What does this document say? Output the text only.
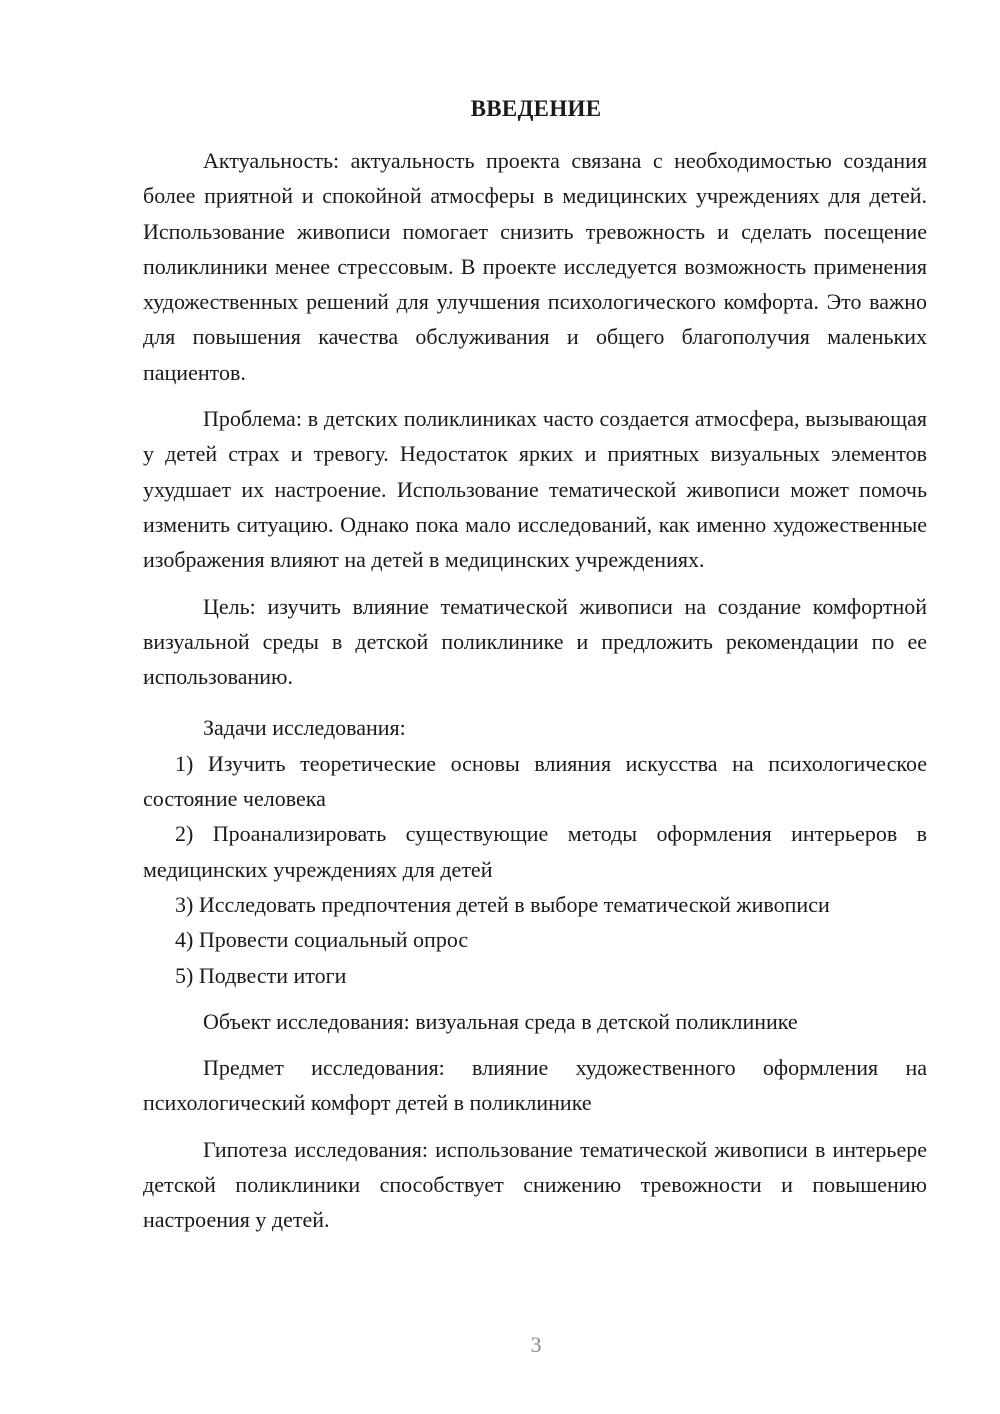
ВВЕДЕНИЕ

Актуальность: актуальность проекта связана с необходимостью создания более приятной и спокойной атмосферы в медицинских учреждениях для детей. Использование живописи помогает снизить тревожность и сделать посещение поликлиники менее стрессовым. В проекте исследуется возможность применения художественных решений для улучшения психологического комфорта. Это важно для повышения качества обслуживания и общего благополучия маленьких пациентов.

Проблема: в детских поликлиниках часто создается атмосфера, вызывающая у детей страх и тревогу. Недостаток ярких и приятных визуальных элементов ухудшает их настроение. Использование тематической живописи может помочь изменить ситуацию. Однако пока мало исследований, как именно художественные изображения влияют на детей в медицинских учреждениях.

Цель: изучить влияние тематической живописи на создание комфортной визуальной среды в детской поликлинике и предложить рекомендации по ее использованию.

Задачи исследования:

1) Изучить теоретические основы влияния искусства на психологическое состояние человека

2) Проанализировать существующие методы оформления интерьеров в медицинских учреждениях для детей

3) Исследовать предпочтения детей в выборе тематической живописи

4) Провести социальный опрос

5) Подвести итоги

Объект исследования: визуальная среда в детской поликлинике

Предмет исследования: влияние художественного оформления на психологический комфорт детей в поликлинике

Гипотеза исследования: использование тематической живописи в интерьере детской поликлиники способствует снижению тревожности и повышению настроения у детей.

3
